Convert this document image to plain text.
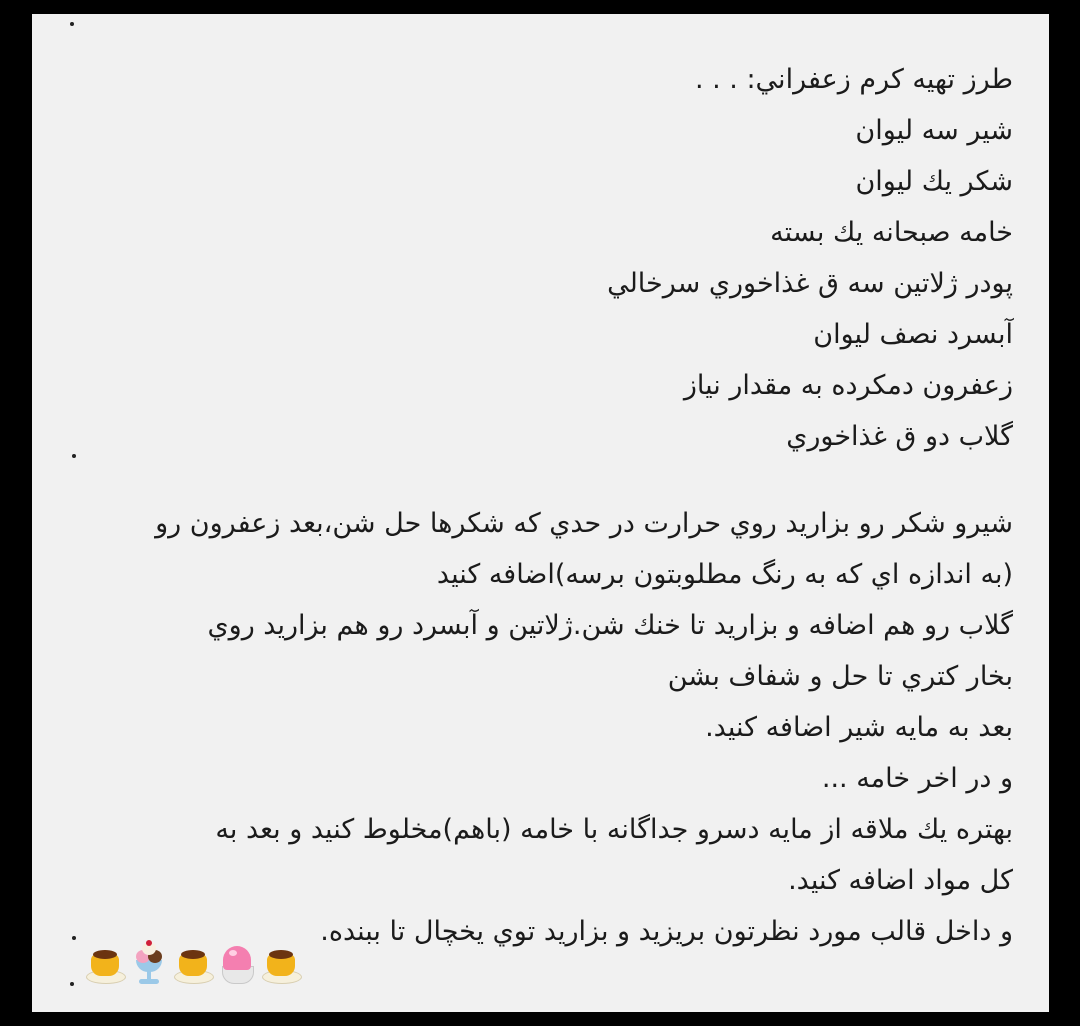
طرز تهيه كرم زعفراني: . . .
شير سه ليوان
شكر يك ليوان
خامه صبحانه يك بسته
پودر ژلاتين سه ق غذاخوري سرخالي
آبسرد نصف ليوان
زعفرون دمكرده به مقدار نياز
گلاب دو ق غذاخوري
شيرو شكر رو بزاريد روي حرارت در حدي كه شكرها حل شن،بعد زعفرون رو
(به اندازه اي كه به رنگ مطلوبتون برسه)اضافه كنيد
گلاب رو هم اضافه و بزاريد تا خنك شن.ژلاتين و آبسرد رو هم بزاريد روي
بخار كتري تا حل و شفاف بشن
بعد به مايه شير اضافه كنيد.
و در اخر خامه ...
بهتره يك ملاقه از مايه دسرو جداگانه با خامه (باهم)مخلوط كنيد و بعد به
كل مواد اضافه كنيد.
و داخل قالب مورد نظرتون بريزيد و بزاريد توي يخچال تا ببنده.
